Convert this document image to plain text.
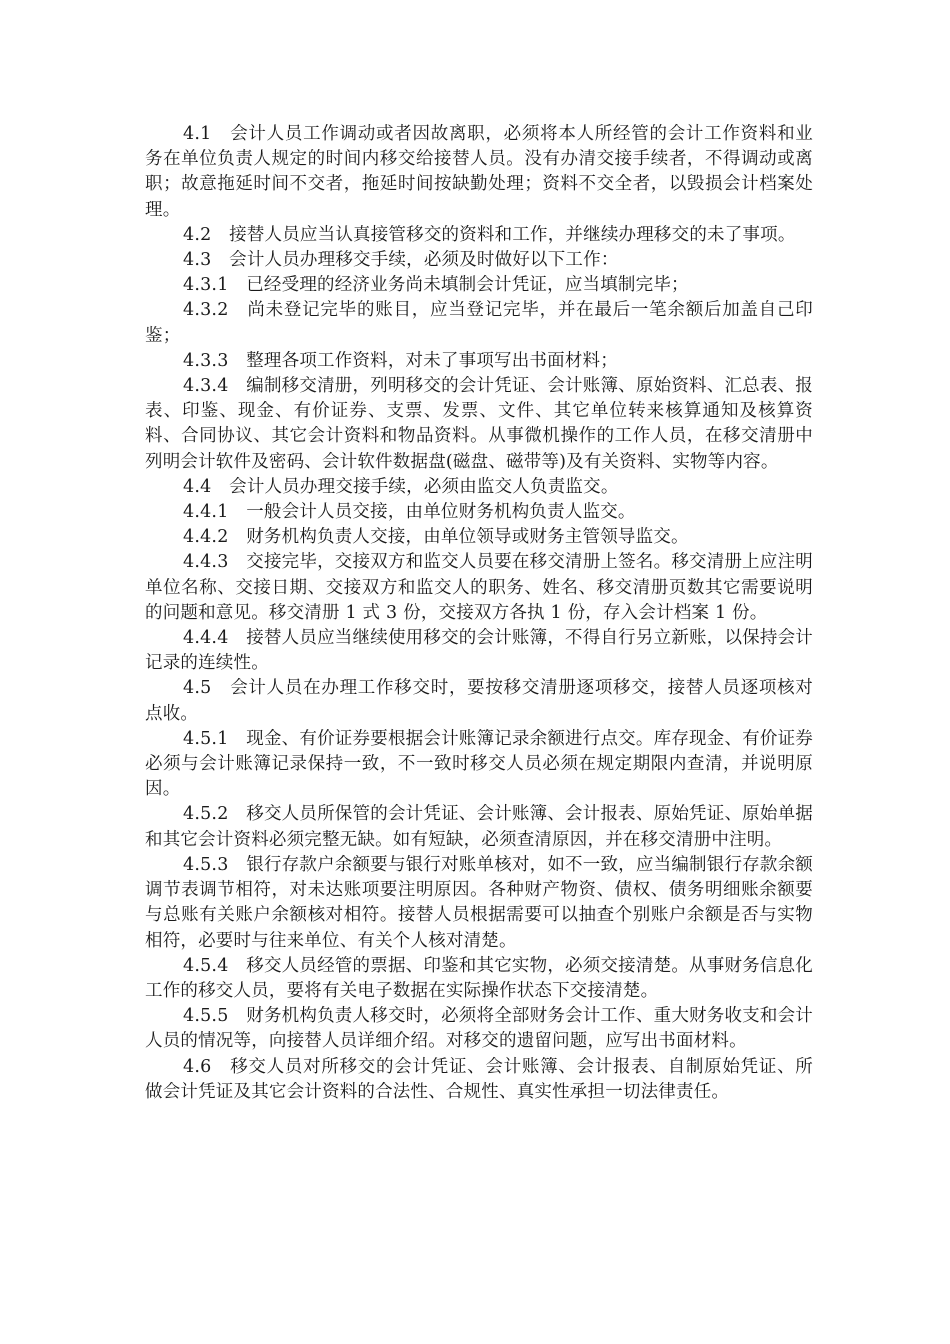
4.1　会计人员工作调动或者因故离职，必须将本人所经管的会计工作资料和业务在单位负责人规定的时间内移交给接替人员。没有办清交接手续者，不得调动或离职；故意拖延时间不交者，拖延时间按缺勤处理；资料不交全者，以毁损会计档案处理。

4.2　接替人员应当认真接管移交的资料和工作，并继续办理移交的未了事项。

4.3　会计人员办理移交手续，必须及时做好以下工作：

4.3.1　已经受理的经济业务尚未填制会计凭证，应当填制完毕；

4.3.2　尚未登记完毕的账目，应当登记完毕，并在最后一笔余额后加盖自己印鉴；

4.3.3　整理各项工作资料，对未了事项写出书面材料；

4.3.4　编制移交清册，列明移交的会计凭证、会计账簿、原始资料、汇总表、报表、印鉴、现金、有价证券、支票、发票、文件、其它单位转来核算通知及核算资料、合同协议、其它会计资料和物品资料。从事微机操作的工作人员，在移交清册中列明会计软件及密码、会计软件数据盘(磁盘、磁带等)及有关资料、实物等内容。

4.4　会计人员办理交接手续，必须由监交人负责监交。

4.4.1　一般会计人员交接，由单位财务机构负责人监交。

4.4.2　财务机构负责人交接，由单位领导或财务主管领导监交。

4.4.3　交接完毕，交接双方和监交人员要在移交清册上签名。移交清册上应注明单位名称、交接日期、交接双方和监交人的职务、姓名、移交清册页数其它需要说明的问题和意见。移交清册 1 式 3 份，交接双方各执 1 份，存入会计档案 1 份。

4.4.4　接替人员应当继续使用移交的会计账簿，不得自行另立新账，以保持会计记录的连续性。

4.5　会计人员在办理工作移交时，要按移交清册逐项移交，接替人员逐项核对点收。

4.5.1　现金、有价证券要根据会计账簿记录余额进行点交。库存现金、有价证券必须与会计账簿记录保持一致，不一致时移交人员必须在规定期限内查清，并说明原因。

4.5.2　移交人员所保管的会计凭证、会计账簿、会计报表、原始凭证、原始单据和其它会计资料必须完整无缺。如有短缺，必须查清原因，并在移交清册中注明。

4.5.3　银行存款户余额要与银行对账单核对，如不一致，应当编制银行存款余额调节表调节相符，对未达账项要注明原因。各种财产物资、债权、债务明细账余额要与总账有关账户余额核对相符。接替人员根据需要可以抽查个别账户余额是否与实物相符，必要时与往来单位、有关个人核对清楚。

4.5.4　移交人员经管的票据、印鉴和其它实物，必须交接清楚。从事财务信息化工作的移交人员，要将有关电子数据在实际操作状态下交接清楚。

4.5.5　财务机构负责人移交时，必须将全部财务会计工作、重大财务收支和会计人员的情况等，向接替人员详细介绍。对移交的遗留问题，应写出书面材料。

4.6　移交人员对所移交的会计凭证、会计账簿、会计报表、自制原始凭证、所做会计凭证及其它会计资料的合法性、合规性、真实性承担一切法律责任。
